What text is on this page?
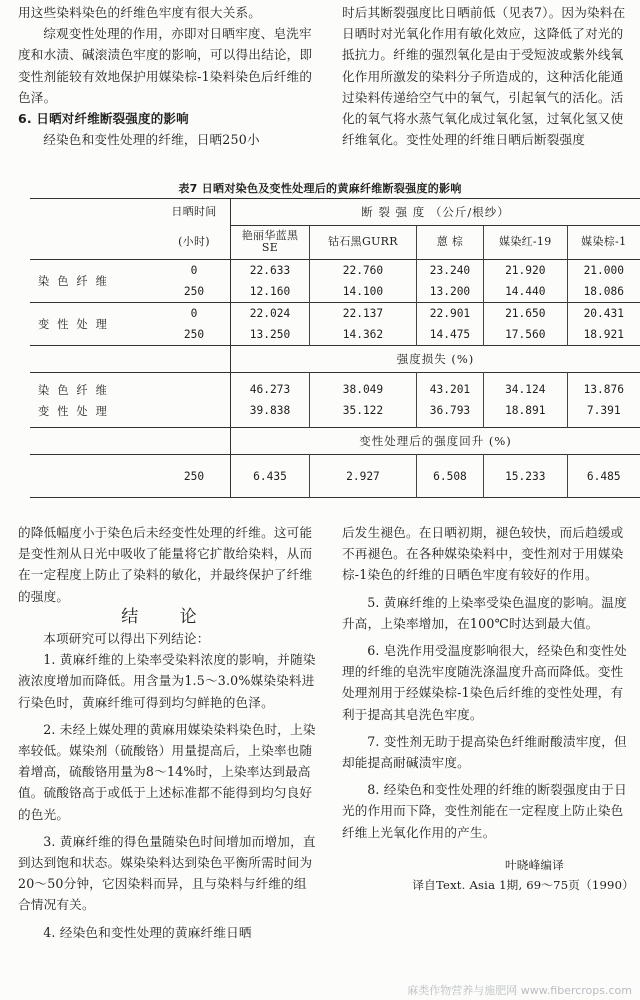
用这些染料染色的纤维色牢度有很大关系。

综观变性处理的作用，亦即对日晒牢度、皂洗牢度和水渍、碱滚渍色牢度的影响，可以得出结论，即变性剂能较有效地保护用媒染棕-1染料染色后纤维的色泽。

6. 日晒对纤维断裂强度的影响

经染色和变性处理的纤维，日晒250小

时后其断裂强度比日晒前低（见表7）。因为染料在日晒时对光氧化作用有敏化效应，这降低了对光的抵抗力。纤维的强烈氧化是由于受短波或紫外线氧化作用所激发的染料分子所造成的，这种活化能通过染料传递给空气中的氧气，引起氧气的活化。活化的氧气将水蒸气氧化成过氧化氢，过氧化氢又使纤维氧化。变性处理的纤维日晒后断裂强度

表7 日晒对染色及变性处理后的黄麻纤维断裂强度的影响
	日晒时间	断 裂 强 度 （公斤/根纱）				
	(小时)	艳丽华蓝黑SE	钴石黑GURR	蒽 棕	媒染红-19	媒染棕-1
染色纤维	0	22.633	22.760	23.240	21.920	21.000
	250	12.160	14.100	13.200	14.440	18.086
变性处理	0	22.024	22.137	22.901	21.650	20.431
	250	13.250	14.362	14.475	17.560	18.921
		强度损失 (%)				
染色纤维		46.273	38.049	43.201	34.124	13.876
变性处理		39.838	35.122	36.793	18.891	7.391
		变性处理后的强度回升 (%)				
	250	6.435	2.927	6.508	15.233	6.485

的降低幅度小于染色后未经变性处理的纤维。这可能是变性剂从日光中吸收了能量将它扩散给染料，从而在一定程度上防止了染料的敏化，并最终保护了纤维的强度。

结 论

本项研究可以得出下列结论：

1. 黄麻纤维的上染率受染料浓度的影响，并随染液浓度增加而降低。用含量为1.5～3.0%媒染染料进行染色时，黄麻纤维可得到均匀鲜艳的色泽。

2. 未经上媒处理的黄麻用媒染染料染色时，上染率较低。媒染剂（硫酸铬）用量提高后，上染率也随着增高，硫酸铬用量为8～14%时，上染率达到最高值。硫酸铬高于或低于上述标准都不能得到均匀良好的色光。

3. 黄麻纤维的得色量随染色时间增加而增加，直到达到饱和状态。媒染染料达到染色平衡所需时间为20～50分钟，它因染料而异，且与染料与纤维的组合情况有关。

4. 经染色和变性处理的黄麻纤维日晒

后发生褪色。在日晒初期，褪色较快，而后趋缓或不再褪色。在各种媒染染料中，变性剂对于用媒染棕-1染色的纤维的日晒色牢度有较好的作用。

5. 黄麻纤维的上染率受染色温度的影响。温度升高，上染率增加，在100℃时达到最大值。

6. 皂洗作用受温度影响很大，经染色和变性处理的纤维的皂洗牢度随洗涤温度升高而降低。变性处理剂用于经媒染棕-1染色后纤维的变性处理，有利于提高其皂洗色牢度。

7. 变性剂无助于提高染色纤维耐酸渍牢度，但却能提高耐碱渍牢度。

8. 经染色和变性处理的纤维的断裂强度由于日光的作用而下降，变性剂能在一定程度上防止染色纤维上光氧化作用的产生。

叶晓峰编译
译自Text. Asia 1期, 69～75页（1990）
麻类作物营养与施肥网 www.fibercrops.com
